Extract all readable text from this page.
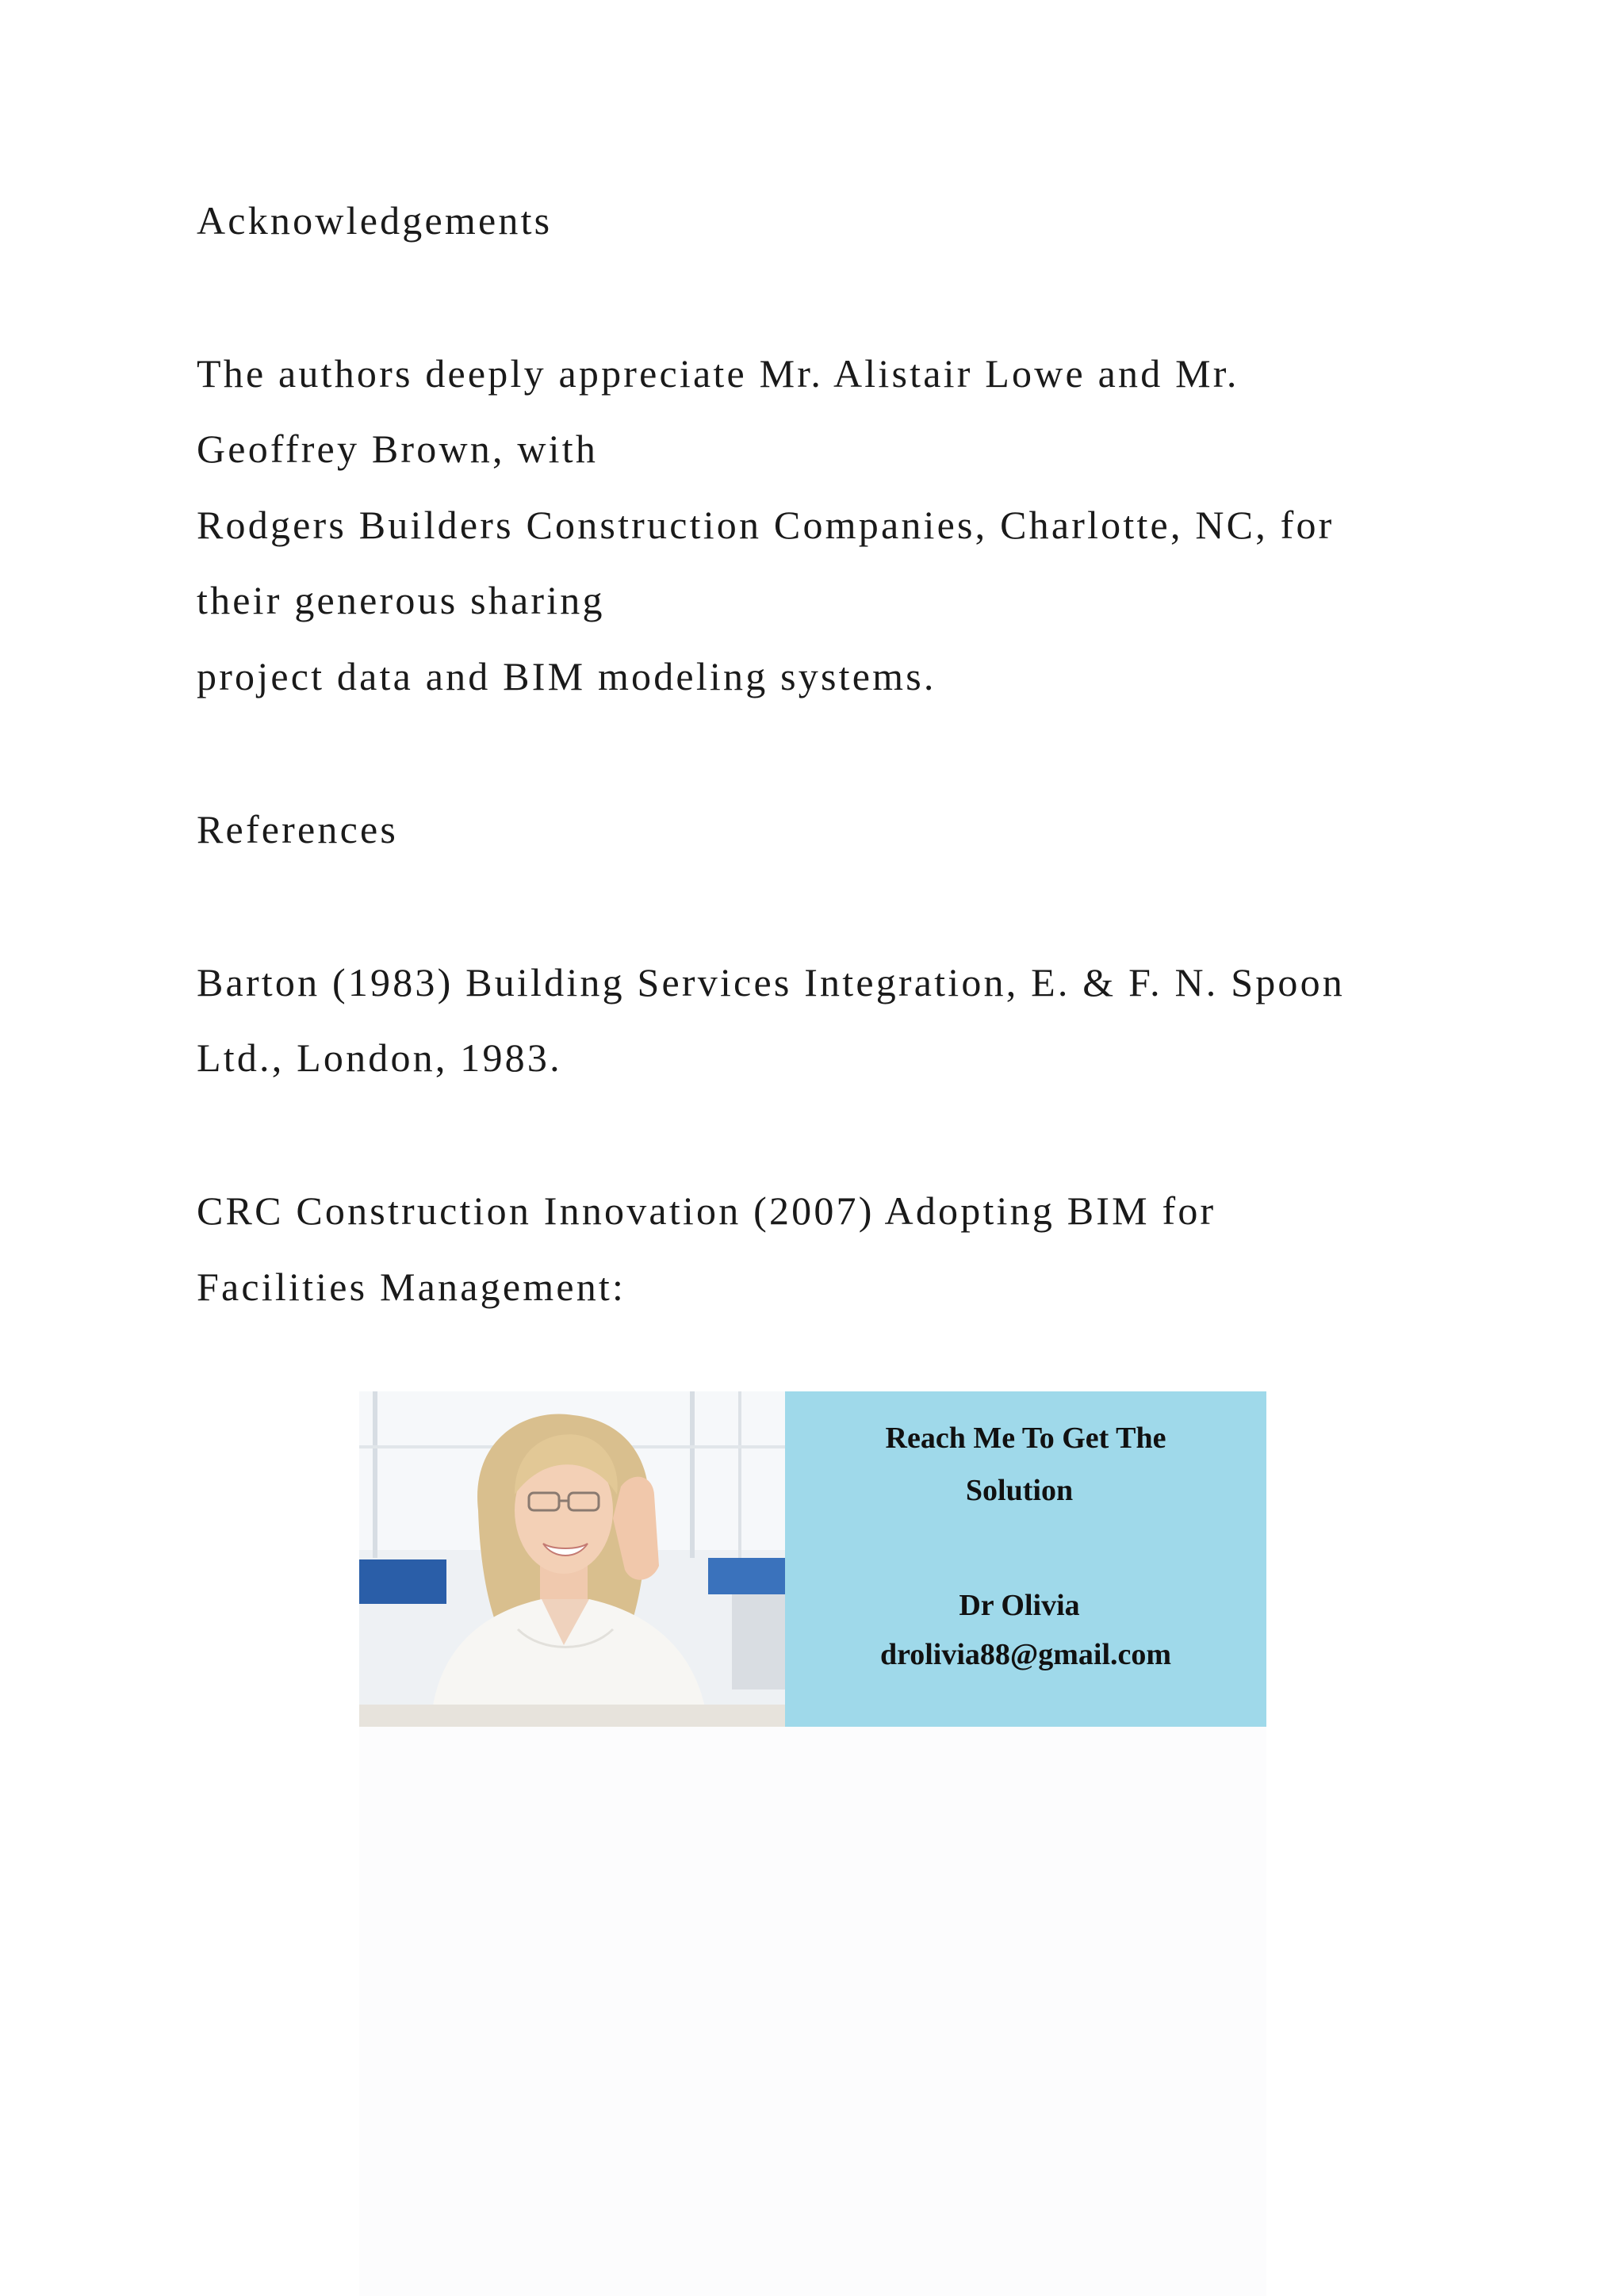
Acknowledgements

The authors deeply appreciate Mr. Alistair Lowe and Mr.

Geoffrey Brown, with

Rodgers Builders Construction Companies, Charlotte, NC, for

their generous sharing

project data and BIM modeling systems.

References

Barton (1983) Building Services Integration, E. & F. N. Spoon

Ltd., London, 1983.

CRC Construction Innovation (2007) Adopting BIM for

Facilities Management:

Reach Me To Get The

Solution

Dr Olivia

drolivia88@gmail.com
